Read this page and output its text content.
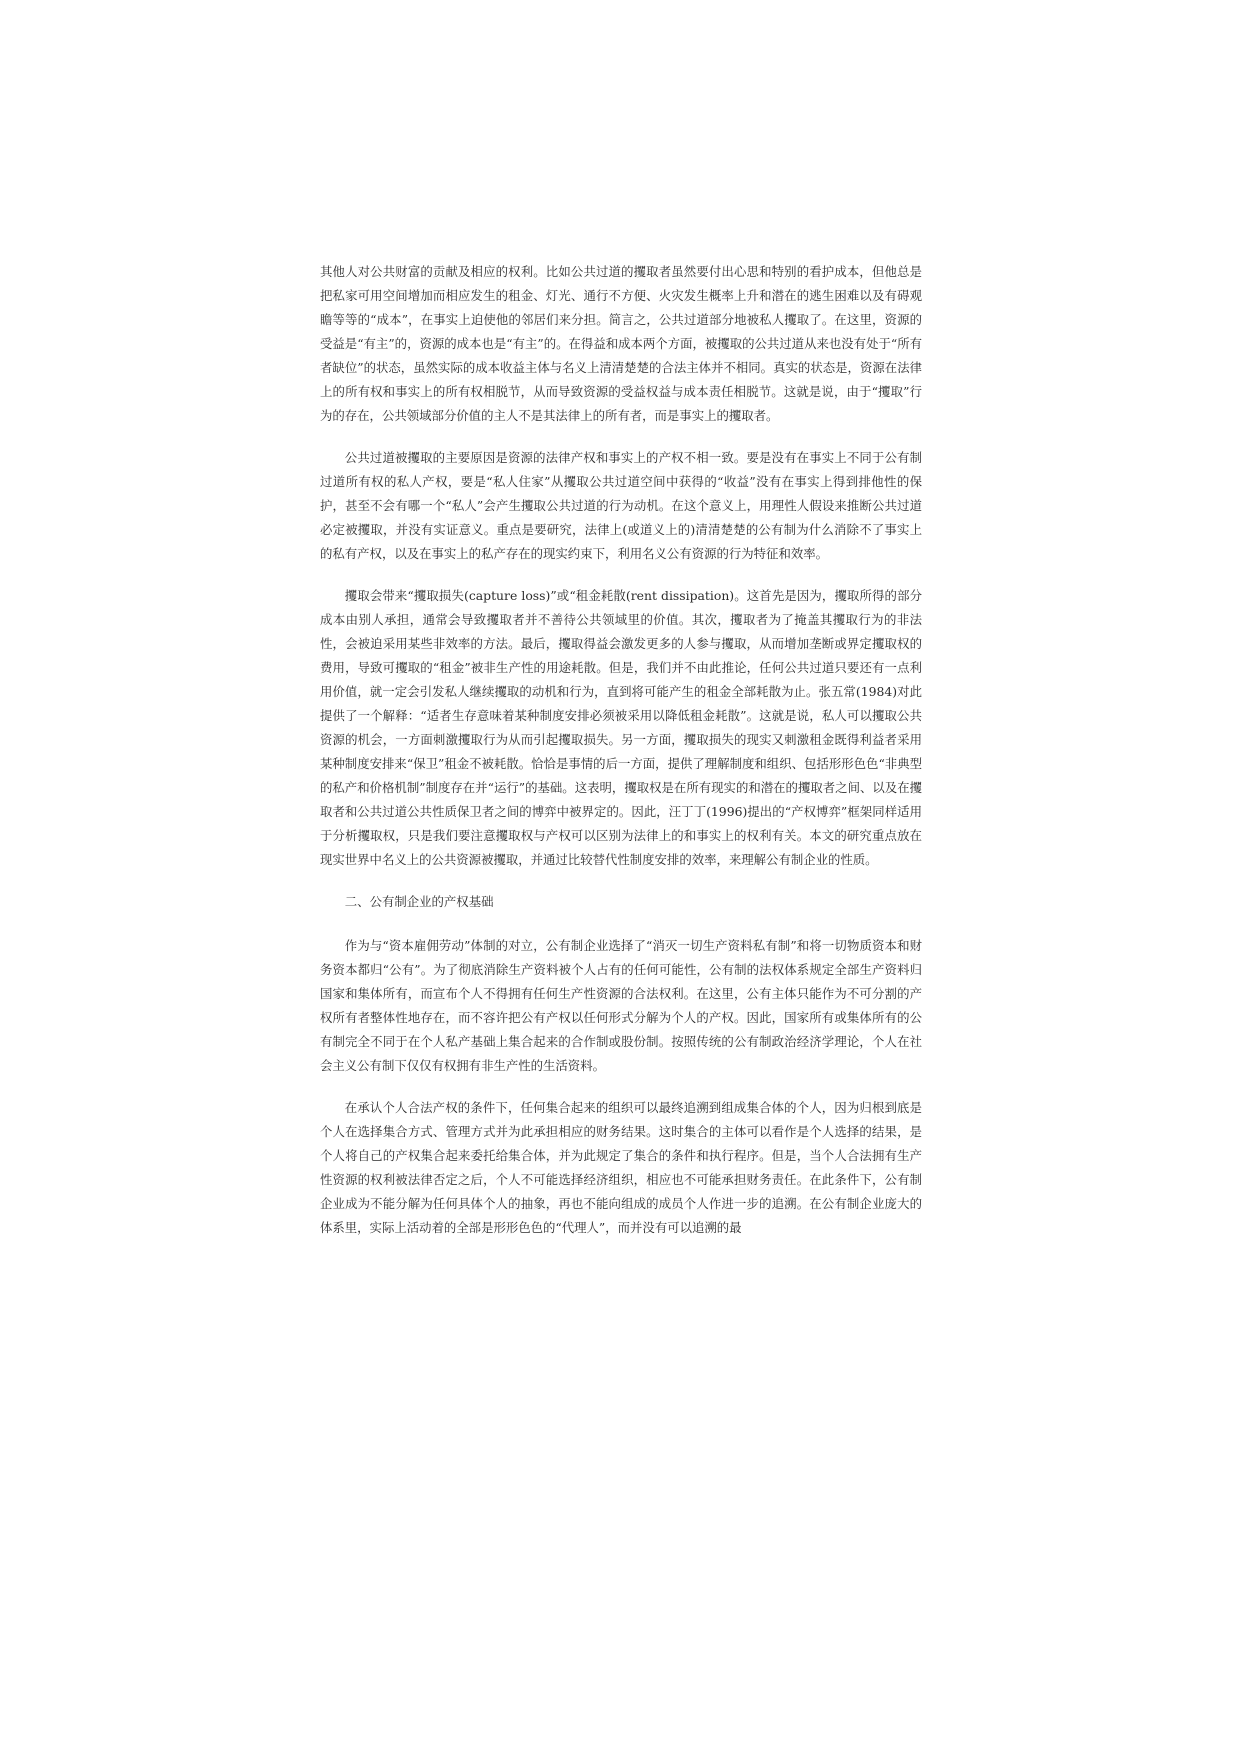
其他人对公共财富的贡献及相应的权利。比如公共过道的攫取者虽然要付出心思和特别的看护成本，但他总是把私家可用空间增加而相应发生的租金、灯光、通行不方便、火灾发生概率上升和潜在的逃生困难以及有碍观瞻等等的“成本”，在事实上迫使他的邻居们来分担。简言之，公共过道部分地被私人攫取了。在这里，资源的受益是“有主”的，资源的成本也是“有主”的。在得益和成本两个方面，被攫取的公共过道从来也没有处于“所有者缺位”的状态，虽然实际的成本收益主体与名义上清清楚楚的合法主体并不相同。真实的状态是，资源在法律上的所有权和事实上的所有权相脱节，从而导致资源的受益权益与成本责任相脱节。这就是说，由于“攫取”行为的存在，公共领域部分价值的主人不是其法律上的所有者，而是事实上的攫取者。

公共过道被攫取的主要原因是资源的法律产权和事实上的产权不相一致。要是没有在事实上不同于公有制过道所有权的私人产权，要是“私人住家”从攫取公共过道空间中获得的“收益”没有在事实上得到排他性的保护，甚至不会有哪一个“私人”会产生攫取公共过道的行为动机。在这个意义上，用理性人假设来推断公共过道必定被攫取，并没有实证意义。重点是要研究，法律上(或道义上的)清清楚楚的公有制为什么消除不了事实上的私有产权，以及在事实上的私产存在的现实约束下，利用名义公有资源的行为特征和效率。

攫取会带来“攫取损失(capture loss)”或“租金耗散(rent dissipation)。这首先是因为，攫取所得的部分成本由别人承担，通常会导致攫取者并不善待公共领域里的价值。其次，攫取者为了掩盖其攫取行为的非法性，会被迫采用某些非效率的方法。最后，攫取得益会激发更多的人参与攫取，从而增加垄断或界定攫取权的费用，导致可攫取的“租金”被非生产性的用途耗散。但是，我们并不由此推论，任何公共过道只要还有一点利用价值，就一定会引发私人继续攫取的动机和行为，直到将可能产生的租金全部耗散为止。张五常(1984)对此提供了一个解释：“适者生存意味着某种制度安排必须被采用以降低租金耗散”。这就是说，私人可以攫取公共资源的机会，一方面刺激攫取行为从而引起攫取损失。另一方面，攫取损失的现实又刺激租金既得利益者采用某种制度安排来“保卫”租金不被耗散。恰恰是事情的后一方面，提供了理解制度和组织、包括形形色色“非典型的私产和价格机制”制度存在并“运行”的基础。这表明，攫取权是在所有现实的和潜在的攫取者之间、以及在攫取者和公共过道公共性质保卫者之间的博弈中被界定的。因此，汪丁丁(1996)提出的“产权博弈”框架同样适用于分析攫取权，只是我们要注意攫取权与产权可以区别为法律上的和事实上的权利有关。本文的研究重点放在现实世界中名义上的公共资源被攫取，并通过比较替代性制度安排的效率，来理解公有制企业的性质。

二、公有制企业的产权基础

作为与“资本雇佣劳动”体制的对立，公有制企业选择了“消灭一切生产资料私有制”和将一切物质资本和财务资本都归“公有”。为了彻底消除生产资料被个人占有的任何可能性，公有制的法权体系规定全部生产资料归国家和集体所有，而宣布个人不得拥有任何生产性资源的合法权利。在这里，公有主体只能作为不可分割的产权所有者整体性地存在，而不容许把公有产权以任何形式分解为个人的产权。因此，国家所有或集体所有的公有制完全不同于在个人私产基础上集合起来的合作制或股份制。按照传统的公有制政治经济学理论，个人在社会主义公有制下仅仅有权拥有非生产性的生活资料。

在承认个人合法产权的条件下，任何集合起来的组织可以最终追溯到组成集合体的个人，因为归根到底是个人在选择集合方式、管理方式并为此承担相应的财务结果。这时集合的主体可以看作是个人选择的结果，是个人将自己的产权集合起来委托给集合体，并为此规定了集合的条件和执行程序。但是，当个人合法拥有生产性资源的权利被法律否定之后，个人不可能选择经济组织，相应也不可能承担财务责任。在此条件下，公有制企业成为不能分解为任何具体个人的抽象，再也不能向组成的成员个人作进一步的追溯。在公有制企业庞大的体系里，实际上活动着的全部是形形色色的“代理人”，而并没有可以追溯的最
